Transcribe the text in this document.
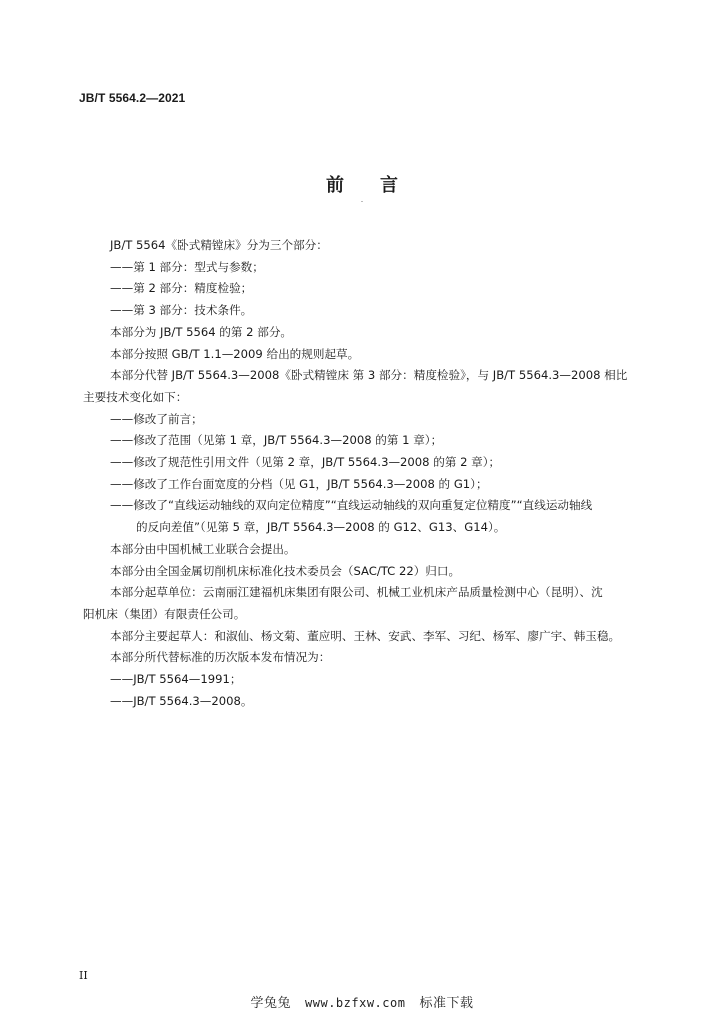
JB/T 5564.2—2021
前 言
JB/T 5564《卧式精镗床》分为三个部分：
——第 1 部分：型式与参数；
——第 2 部分：精度检验；
——第 3 部分：技术条件。
本部分为 JB/T 5564 的第 2 部分。
本部分按照 GB/T 1.1—2009 给出的规则起草。
本部分代替 JB/T 5564.3—2008《卧式精镗床 第 3 部分：精度检验》，与 JB/T 5564.3—2008 相比
主要技术变化如下：
——修改了前言；
——修改了范围（见第 1 章，JB/T 5564.3—2008 的第 1 章）；
——修改了规范性引用文件（见第 2 章，JB/T 5564.3—2008 的第 2 章）；
——修改了工作台面宽度的分档（见 G1，JB/T 5564.3—2008 的 G1）；
——修改了“直线运动轴线的双向定位精度”“直线运动轴线的双向重复定位精度”“直线运动轴线
的反向差值”（见第 5 章，JB/T 5564.3—2008 的 G12、G13、G14）。
本部分由中国机械工业联合会提出。
本部分由全国金属切削机床标准化技术委员会（SAC/TC 22）归口。
本部分起草单位：云南丽江建福机床集团有限公司、机械工业机床产品质量检测中心（昆明）、沈
阳机床（集团）有限责任公司。
本部分主要起草人：和淑仙、杨文菊、董应明、王林、安武、李军、习纪、杨军、廖广宇、韩玉稳。
本部分所代替标准的历次版本发布情况为：
——JB/T 5564—1991；
——JB/T 5564.3—2008。
II
学兔兔 www.bzfxw.com 标准下载
